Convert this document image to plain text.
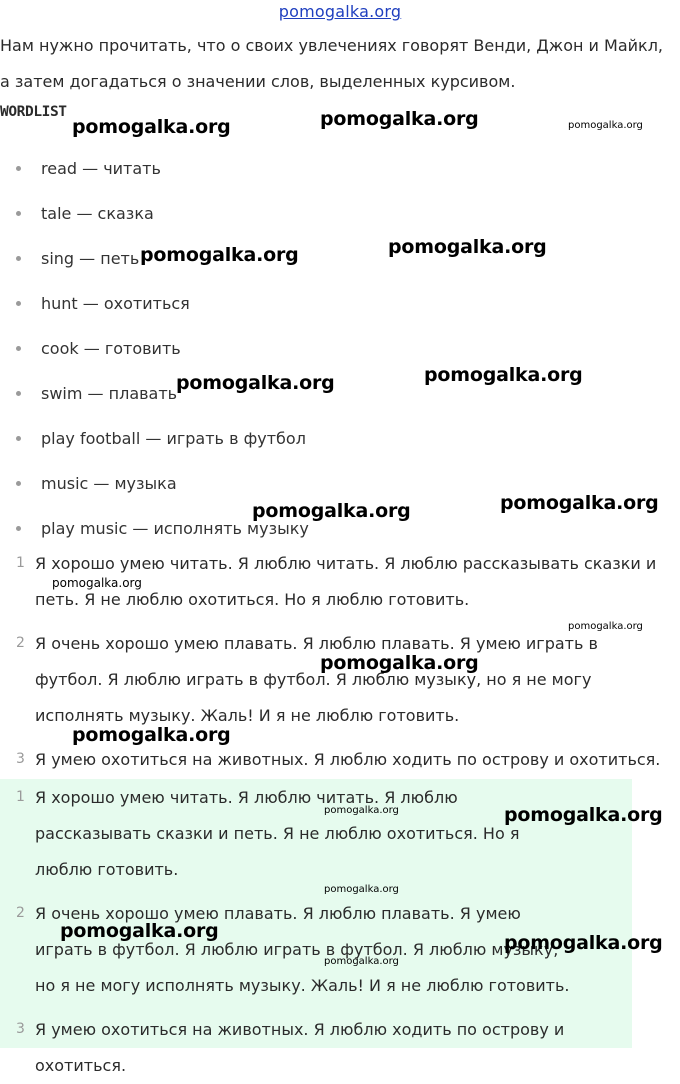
pomogalka.org
Нам нужно прочитать, что о своих увлечениях говорят Венди, Джон и Майкл, а затем догадаться о значении слов, выделенных курсивом.
WORDLIST
read — читать
tale — сказка
sing — петь
hunt — охотиться
cook — готовить
swim — плавать
play football — играть в футбол
music — музыка
play music — исполнять музыку
1 Я хорошо умею читать. Я люблю читать. Я люблю рассказывать сказки и петь. Я не люблю охотиться. Но я люблю готовить.
2 Я очень хорошо умею плавать. Я люблю плавать. Я умею играть в футбол. Я люблю играть в футбол. Я люблю музыку, но я не могу исполнять музыку. Жаль! И я не люблю готовить.
3 Я умею охотиться на животных. Я люблю ходить по острову и охотиться.
1 Я хорошо умею читать. Я люблю читать. Я люблю рассказывать сказки и петь. Я не люблю охотиться. Но я люблю готовить.
2 Я очень хорошо умею плавать. Я люблю плавать. Я умею играть в футбол. Я люблю играть в футбол. Я люблю музыку, но я не могу исполнять музыку. Жаль! И я не люблю готовить.
3 Я умею охотиться на животных. Я люблю ходить по острову и охотиться.
pomogalka.org	pomogalka.org	pomogalka.org
pomogalka.org	pomogalka.org
pomogalka.org	pomogalka.org
pomogalka.org	pomogalka.org
pomogalka.org
pomogalka.org
pomogalka.org
pomogalka.org
pomogalka.org	pomogalka.org
pomogalka.org
pomogalka.org
pomogalka.org
pomogalka.org
